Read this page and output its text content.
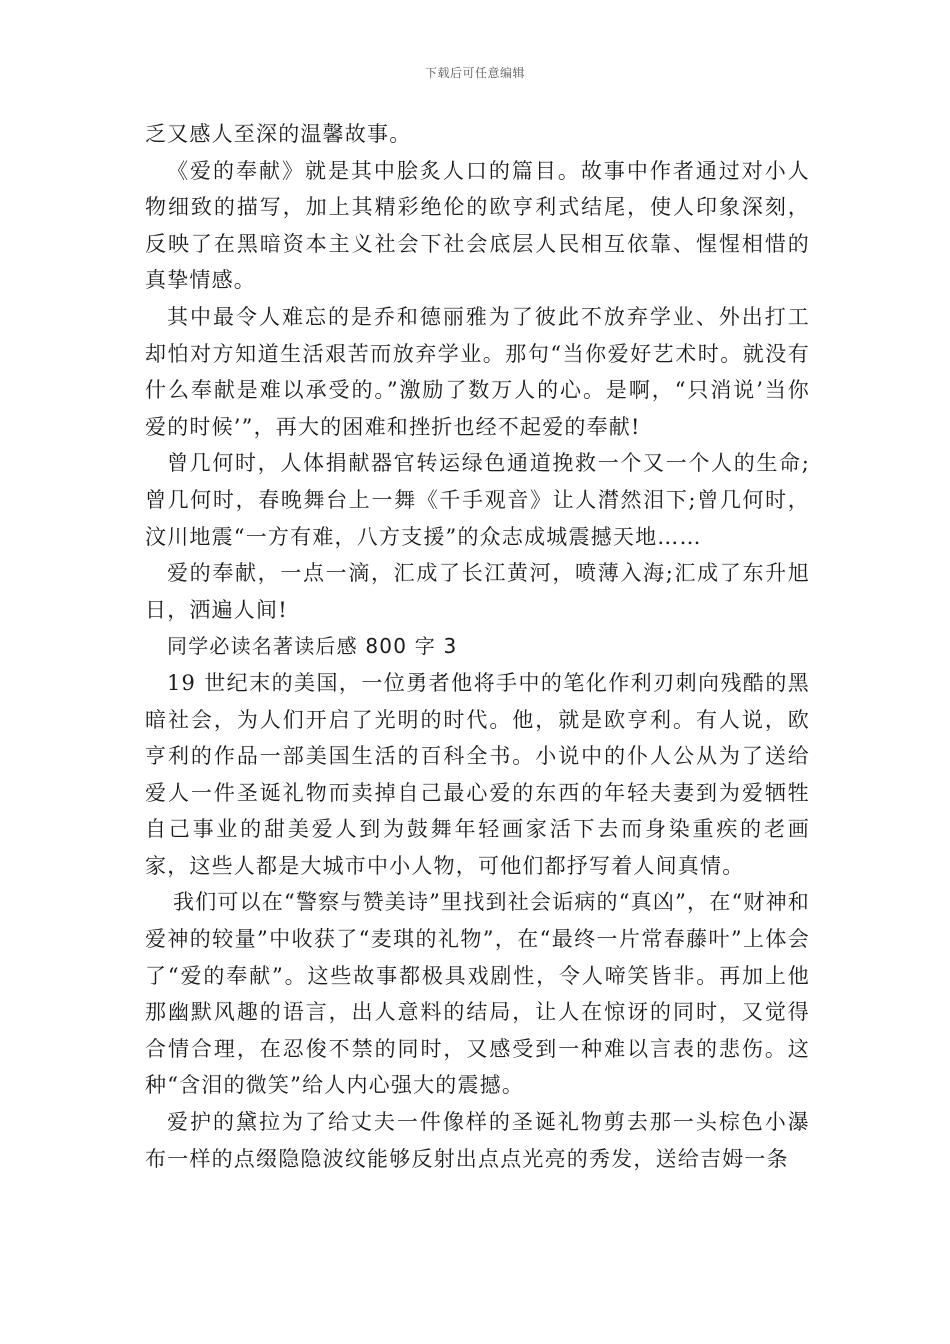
下载后可任意编辑

乏又感人至深的温馨故事。

《爱的奉献》就是其中脍炙人口的篇目。故事中作者通过对小人物细致的描写，加上其精彩绝伦的欧亨利式结尾，使人印象深刻，反映了在黑暗资本主义社会下社会底层人民相互依靠、惺惺相惜的真挚情感。

其中最令人难忘的是乔和德丽雅为了彼此不放弃学业、外出打工却怕对方知道生活艰苦而放弃学业。那句“当你爱好艺术时。就没有什么奉献是难以承受的。”激励了数万人的心。是啊，“只消说’当你爱的时候’”，再大的困难和挫折也经不起爱的奉献!

曾几何时，人体捐献器官转运绿色通道挽救一个又一个人的生命;曾几何时，春晚舞台上一舞《千手观音》让人潸然泪下;曾几何时，汶川地震“一方有难，八方支援”的众志成城震撼天地……

爱的奉献，一点一滴，汇成了长江黄河，喷薄入海;汇成了东升旭日，洒遍人间!

同学必读名著读后感 800 字 3

19 世纪末的美国，一位勇者他将手中的笔化作利刃刺向残酷的黑暗社会，为人们开启了光明的时代。他，就是欧亨利。有人说，欧亨利的作品一部美国生活的百科全书。小说中的仆人公从为了送给爱人一件圣诞礼物而卖掉自己最心爱的东西的年轻夫妻到为爱牺牲自己事业的甜美爱人到为鼓舞年轻画家活下去而身染重疾的老画家，这些人都是大城市中小人物，可他们都抒写着人间真情。

我们可以在“警察与赞美诗”里找到社会诟病的“真凶”，在“财神和爱神的较量”中收获了“麦琪的礼物”，在“最终一片常春藤叶”上体会了“爱的奉献”。这些故事都极具戏剧性，令人啼笑皆非。再加上他那幽默风趣的语言，出人意料的结局，让人在惊讶的同时，又觉得合情合理，在忍俊不禁的同时，又感受到一种难以言表的悲伤。这种“含泪的微笑”给人内心强大的震撼。

爱护的黛拉为了给丈夫一件像样的圣诞礼物剪去那一头棕色小瀑布一样的点缀隐隐波纹能够反射出点点光亮的秀发，送给吉姆一条
